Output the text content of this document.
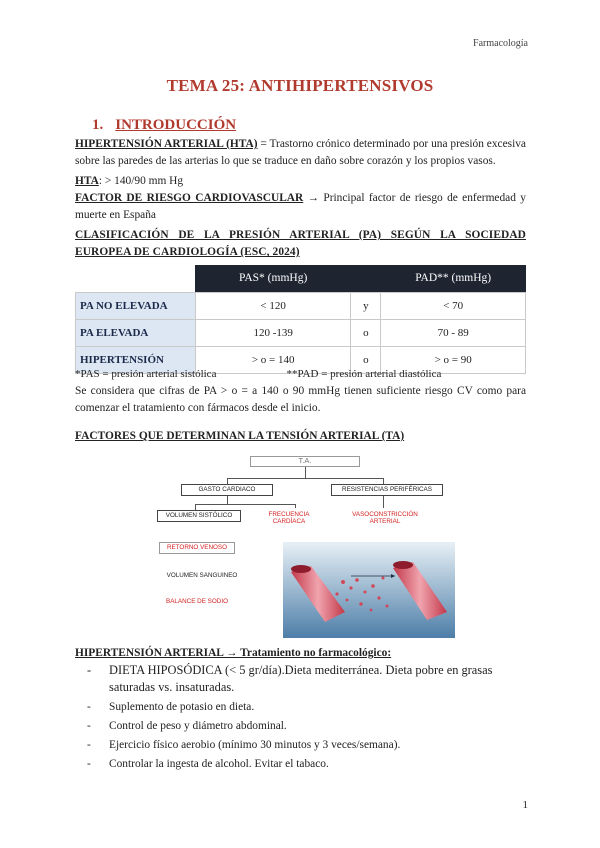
Farmacología
TEMA 25: ANTIHIPERTENSIVOS
1. INTRODUCCIÓN
HIPERTENSIÓN ARTERIAL (HTA) = Trastorno crónico determinado por una presión excesiva sobre las paredes de las arterias lo que se traduce en daño sobre corazón y los propios vasos.
HTA: > 140/90 mm Hg
FACTOR DE RIESGO CARDIOVASCULAR → Principal factor de riesgo de enfermedad y muerte en España
CLASIFICACIÓN DE LA PRESIÓN ARTERIAL (PA) SEGÚN LA SOCIEDAD EUROPEA DE CARDIOLOGÍA (ESC, 2024)
	PAS* (mmHg)		PAD** (mmHg)
PA NO ELEVADA	< 120	y	< 70
PA ELEVADA	120 -139	o	70 - 89
HIPERTENSIÓN	> o = 140	o	> o = 90
*PAS = presión arterial sistólica	**PAD = presión arterial diastólica
Se considera que cifras de PA > o = a 140 o 90 mmHg tienen suficiente riesgo CV como para comenzar el tratamiento con fármacos desde el inicio.
FACTORES QUE DETERMINAN LA TENSIÓN ARTERIAL (TA)
T.A.
GASTO CARDIACO	RESISTENCIAS PERIFÉRICAS
VOLUMEN SISTÓLICO	FRECUENCIA CARDÍACA
VASOCONSTRICCIÓN ARTERIAL
RETORNO VENOSO
VOLUMEN SANGUINEO
BALANCE DE SODIO
HIPERTENSIÓN ARTERIAL → Tratamiento no farmacológico:
- DIETA HIPOSÓDICA (< 5 gr/día).Dieta mediterránea. Dieta pobre en grasas saturadas vs. insaturadas.
- Suplemento de potasio en dieta.
- Control de peso y diámetro abdominal.
- Ejercicio físico aerobio (mínimo 30 minutos y 3 veces/semana).
- Controlar la ingesta de alcohol. Evitar el tabaco.
1
